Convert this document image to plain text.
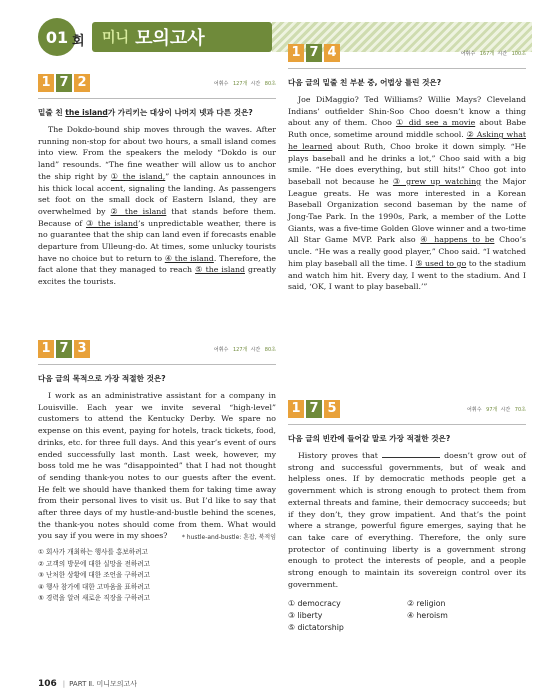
01 회 미니 모의고사
1 7 2	어휘수 127개 시간 80초
밑줄 친 the island가 가리키는 대상이 나머지 넷과 다른 것은?

The Dokdo-bound ship moves through the waves. After running non-stop for about two hours, a small island comes into view. From the speakers the melody “Dokdo is our land” resounds. “The fine weather will allow us to anchor the ship right by ① the island,” the captain announces in his thick local accent, signaling the landing. As passengers set foot on the small dock of Eastern Island, they are overwhelmed by ② the island that stands before them. Because of ③ the island’s unpredictable weather, there is no guarantee that the ship can land even if forecasts enable departure from Ulleung-do. At times, some unlucky tourists have no choice but to return to ④ the island. Therefore, the fact alone that they managed to reach ⑤ the island greatly excites the tourists.

1 7 3	어휘수 127개 시간 80초
다음 글의 목적으로 가장 적절한 것은?

I work as an administrative assistant for a company in Louisville. Each year we invite several “high-level” customers to attend the Kentucky Derby. We spare no expense on this event, paying for hotels, track tickets, food, drinks, etc. for three full days. And this year’s event of ours ended successfully last month. Last week, however, my boss told me he was “disappointed” that I had not thought of sending thank-you notes to our guests after the event. He felt we should have thanked them for taking time away from their personal lives to visit us. But I’d like to say that after three days of my hustle-and-bustle behind the scenes, the thank-you notes should come from them. What would you say if you were in my shoes?	* hustle-and-bustle: 혼잡, 북적임
① 회사가 개최하는 행사를 홍보하려고
② 고객의 방문에 대한 실망을 전하려고
③ 난처한 상황에 대한 조언을 구하려고
④ 행사 참가에 대한 고마움을 표하려고
⑤ 경력을 알려 새로운 직장을 구하려고
1 7 4	어휘수 167개 시간 100초
다음 글의 밑줄 친 부분 중, 어법상 틀린 것은?

Joe DiMaggio? Ted Williams? Willie Mays? Cleveland Indians’ outfielder Shin-Soo Choo doesn’t know a thing about any of them. Choo ① did see a movie about Babe Ruth once, sometime around middle school. ② Asking what he learned about Ruth, Choo broke it down simply. “He plays baseball and he drinks a lot,” Choo said with a big smile. “He does everything, but still hits!” Choo got into baseball not because he ③ grew up watching the Major League greats. He was more interested in a Korean Baseball Organization second baseman by the name of Jong-Tae Park. In the 1990s, Park, a member of the Lotte Giants, was a five-time Golden Glove winner and a two-time All Star Game MVP. Park also ④ happens to be Choo’s uncle. “He was a really good player,” Choo said. “I watched him play baseball all the time. I ⑤ used to go to the stadium and watch him hit. Every day, I went to the stadium. And I said, ‘OK, I want to play baseball.’”

1 7 5	어휘수 97개 시간 70초
다음 글의 빈칸에 들어갈 말로 가장 적절한 것은?

History proves that	doesn’t grow out of strong and successful governments, but of weak and helpless ones. If by democratic methods people get a government which is strong enough to protect them from external threats and famine, their democracy succeeds; but if they don’t, they grow impatient. And that’s the point where a strange, powerful figure emerges, saying that he can take care of everything. Therefore, the only sure protector of continuing liberty is a government strong enough to protect the interests of people, and a people strong enough to maintain its sovereign control over its government.

① democracy	② religion
③ liberty	④ heroism
⑤ dictatorship
106 | PART Ⅱ. 미니모의고사
